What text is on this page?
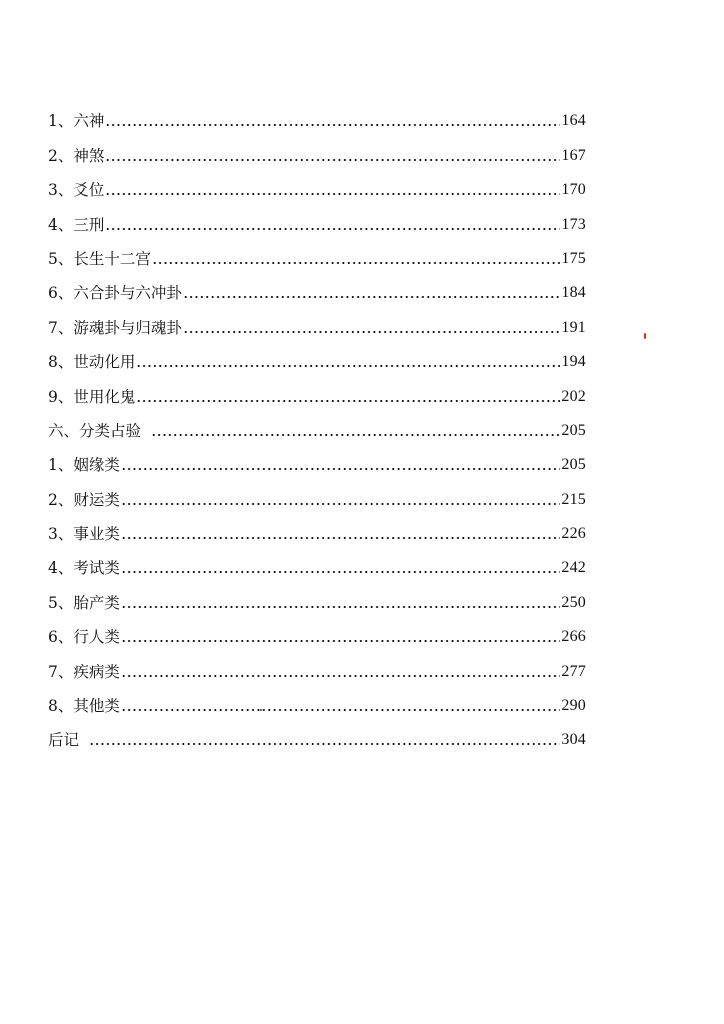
1、六神	164
2、神煞	167
3、爻位	170
4、三刑	173
5、长生十二宫	175
6、六合卦与六冲卦	184
7、游魂卦与归魂卦	191
8、世动化用	194
9、世用化鬼	202
六、分类占验	205
1、姻缘类	205
2、财运类	215
3、事业类	226
4、考试类	242
5、胎产类	250
6、行人类	266
7、疾病类	277
8、其他类	290
后记	304
